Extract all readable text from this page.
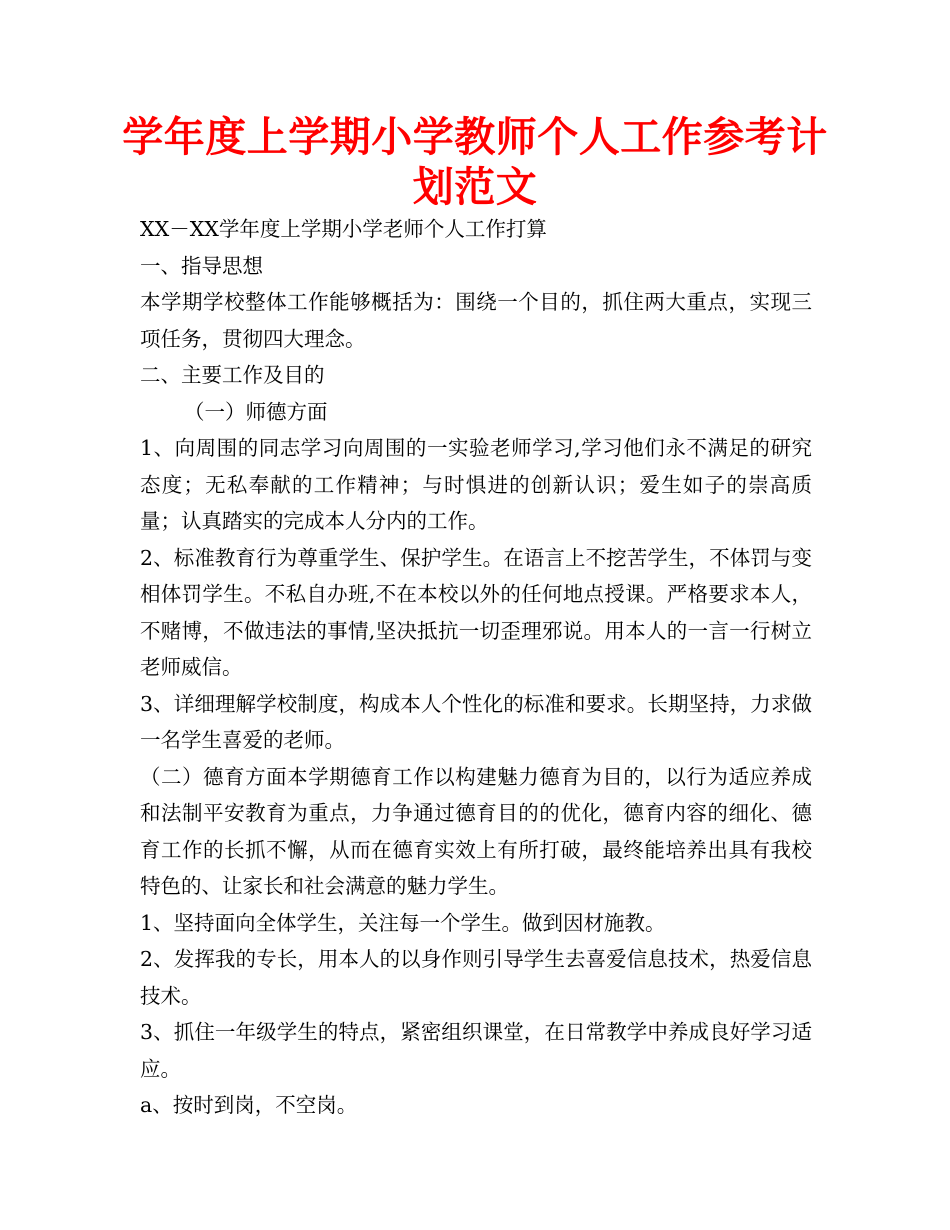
学年度上学期小学教师个人工作参考计划范文

XX－XX学年度上学期小学老师个人工作打算

一、指导思想

本学期学校整体工作能够概括为：围绕一个目的，抓住两大重点，实现三项任务，贯彻四大理念。

二、主要工作及目的

（一）师德方面

1、向周围的同志学习向周围的一实验老师学习,学习他们永不满足的研究态度；无私奉献的工作精神；与时惧进的创新认识；爱生如子的崇高质量；认真踏实的完成本人分内的工作。

2、标准教育行为尊重学生、保护学生。在语言上不挖苦学生，不体罚与变相体罚学生。不私自办班,不在本校以外的任何地点授课。严格要求本人，不赌博，不做违法的事情,坚决抵抗一切歪理邪说。用本人的一言一行树立老师威信。

3、详细理解学校制度，构成本人个性化的标准和要求。长期坚持，力求做一名学生喜爱的老师。

（二）德育方面本学期德育工作以构建魅力德育为目的，以行为适应养成和法制平安教育为重点，力争通过德育目的的优化，德育内容的细化、德育工作的长抓不懈，从而在德育实效上有所打破，最终能培养出具有我校特色的、让家长和社会满意的魅力学生。

1、坚持面向全体学生，关注每一个学生。做到因材施教。

2、发挥我的专长，用本人的以身作则引导学生去喜爱信息技术，热爱信息技术。

3、抓住一年级学生的特点，紧密组织课堂，在日常教学中养成良好学习适应。

a、按时到岗，不空岗。
